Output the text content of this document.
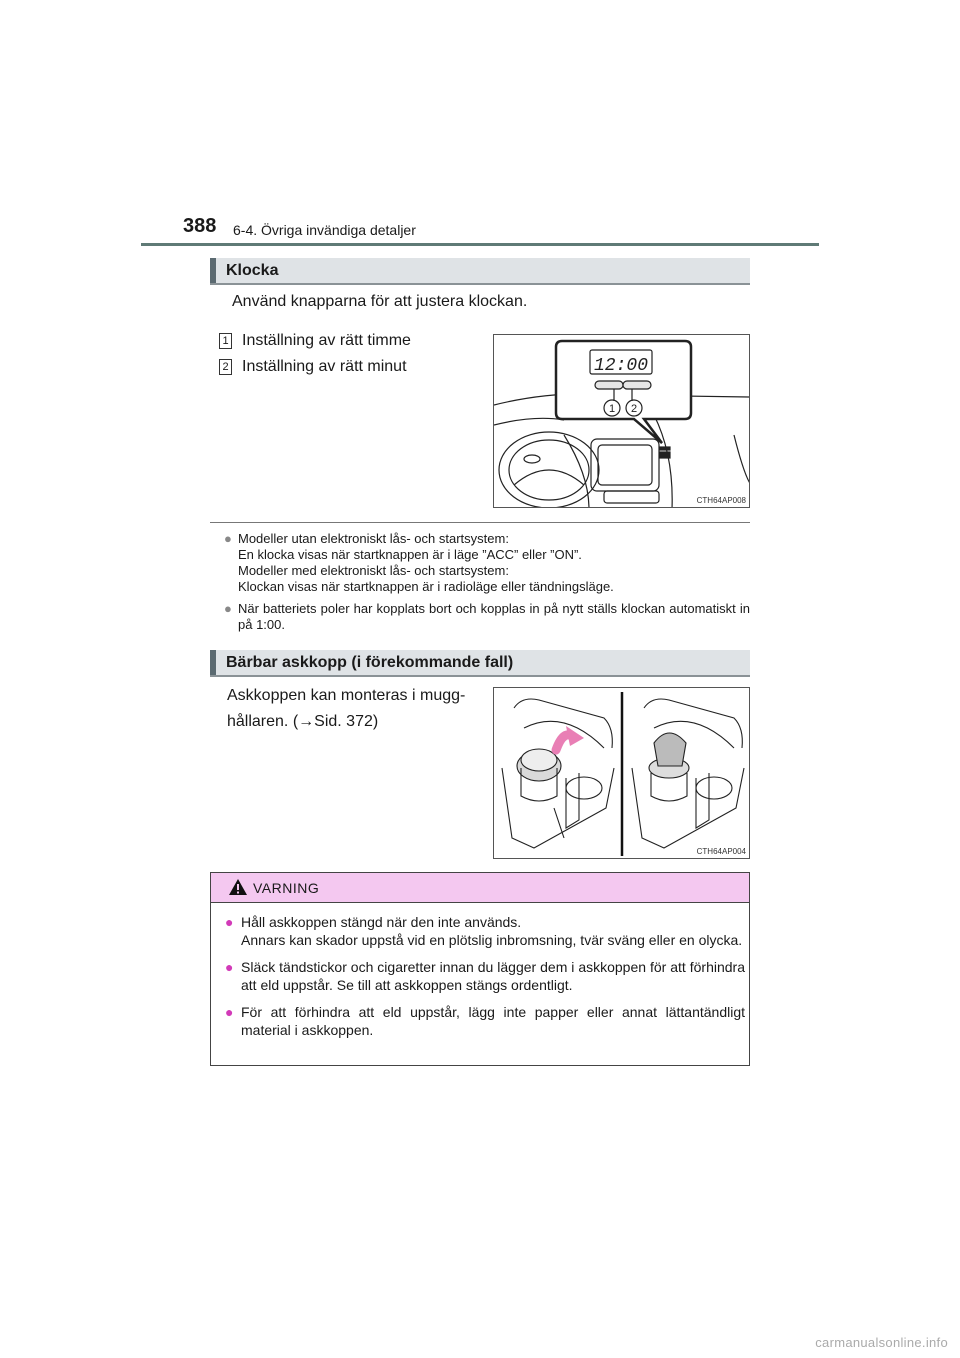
388 6-4. Övriga invändiga detaljer
Klocka
Använd knapparna för att justera klockan.
1 Inställning av rätt timme
2 Inställning av rätt minut	12:00
1 2
CTH64AP008

● Modeller utan elektroniskt lås- och startsystem:
En klocka visas när startknappen är i läge ”ACC” eller ”ON”.
Modeller med elektroniskt lås- och startsystem:
Klockan visas när startknappen är i radioläge eller tändningsläge.

● När batteriets poler har kopplats bort och kopplas in på nytt ställs klockan automatiskt in på 1:00.

Bärbar askkopp (i förekommande fall)
Askkoppen kan monteras i mugg-
hållaren. (→Sid. 372)
CTH64AP004
VARNING

● Håll askkoppen stängd när den inte används.
Annars kan skador uppstå vid en plötslig inbromsning, tvär sväng eller en olycka.

● Släck tändstickor och cigaretter innan du lägger dem i askkoppen för att förhindra att eld uppstår. Se till att askkoppen stängs ordentligt.

● För att förhindra att eld uppstår, lägg inte papper eller annat lättantändligt material i askkoppen.

carmanualsonline.info
